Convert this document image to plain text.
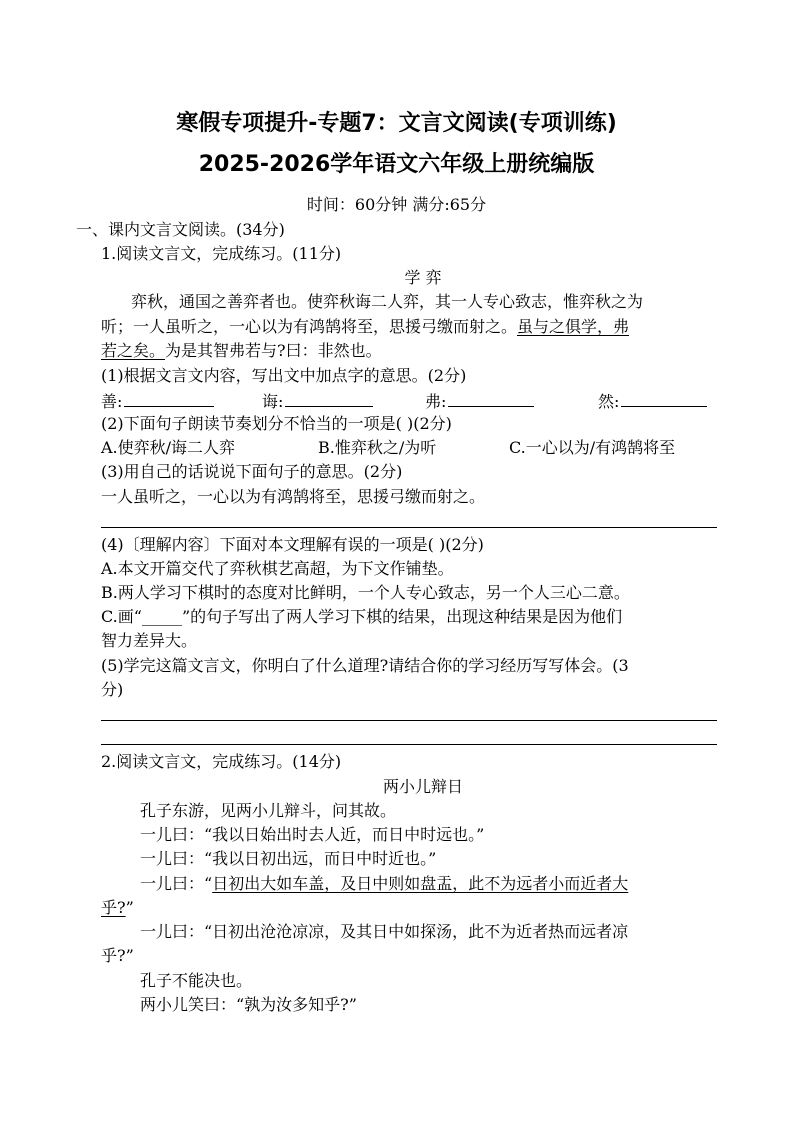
寒假专项提升-专题7：文言文阅读(专项训练)
2025-2026学年语文六年级上册统编版
时间：60分钟 满分:65分
一、课内文言文阅读。(34分)
1.阅读文言文，完成练习。(11分)
学 弈
弈秋，通国之善弈者也。使弈秋诲二人弈，其一人专心致志，惟弈秋之为
听；一人虽听之，一心以为有鸿鹄将至，思援弓缴而射之。虽与之俱学，弗
若之矣。为是其智弗若与?曰：非然也。
(1)根据文言文内容，写出文中加点字的意思。(2分)
善:	诲:	弗:	然:
(2)下面句子朗读节奏划分不恰当的一项是( )(2分)
A.使弈秋/诲二人弈	B.惟弈秋之/为听	C.一心以为/有鸿鹄将至
(3)用自己的话说说下面句子的意思。(2分)
一人虽听之，一心以为有鸿鹄将至，思援弓缴而射之。
(4)〔理解内容〕下面对本文理解有误的一项是( )(2分)
A.本文开篇交代了弈秋棋艺高超，为下文作铺垫。
B.两人学习下棋时的态度对比鲜明，一个人专心致志，另一个人三心二意。
C.画“_____”的句子写出了两人学习下棋的结果，出现这种结果是因为他们
智力差异大。
(5)学完这篇文言文，你明白了什么道理?请结合你的学习经历写写体会。(3
分)
2.阅读文言文，完成练习。(14分)
两小儿辩日
孔子东游，见两小儿辩斗，问其故。
一儿曰：“我以日始出时去人近，而日中时远也。”
一儿曰：“我以日初出远，而日中时近也。”
一儿曰：“日初出大如车盖，及日中则如盘盂，此不为远者小而近者大
乎?”
一儿曰：“日初出沧沧凉凉，及其日中如探汤，此不为近者热而远者凉
乎?”
孔子不能决也。
两小儿笑曰：“孰为汝多知乎?”
